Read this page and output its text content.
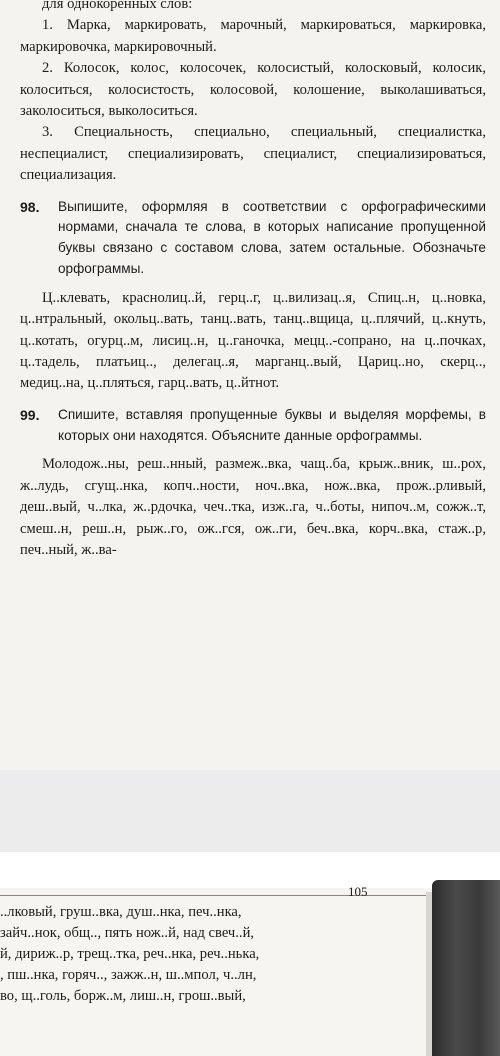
для однокоренных слов:

1. Марка, маркировать, марочный, маркироваться, маркировка, маркировочка, маркировочный.

2. Колосок, колос, колосочек, колосистый, колосковый, колосик, колоситься, колосистость, колосовой, колошение, выколашиваться, заколоситься, выколоситься.

3. Специальность, специально, специальный, специалистка, неспециалист, специализировать, специалист, специализироваться, специализация.

98.	Выпишите, оформляя в соответствии с орфографическими нормами, сначала те слова, в которых написание пропущенной буквы связано с составом слова, затем остальные. Обозначьте орфограммы.

Ц..клевать, краснолиц..й, герц..г, ц..вилизац..я, Спиц..н, ц..новка, ц..нтральный, окольц..вать, танц..вать, танц..вщица, ц..плячий, ц..кнуть, ц..котать, огурц..м, лисиц..н, ц..ганочка, мецц..-сопрано, на ц..почках, ц..тадель, платьиц.., делегац..я, марганц..вый, Цариц..но, скерц.., медиц..на, ц..пляться, гарц..вать, ц..йтнот.

99.	Спишите, вставляя пропущенные буквы и выделяя морфемы, в которых они находятся. Объясните данные орфограммы.

Молодож..ны, реш..нный, размеж..вка, чащ..ба, крыж..вник, ш..рох, ж..лудь, сгущ..нка, копч..ности, ноч..вка, нож..вка, прож..рливый, деш..вый, ч..лка, ж..рдочка, чеч..тка, изж..га, ч..боты, нипоч..м, сожж..т, смеш..н, реш..н, рыж..го, ож..гся, ож..ги, беч..вка, корч..вка, стаж..р, печ..ный, ж..ва-

105
..лковый, груш..вка, душ..нка, печ..нка,
зайч..нок, общ.., пять нож..й, над свеч..й,
й, дириж..р, трещ..тка, реч..нка, реч..нька,
, пш..нка, горяч.., зажж..н, ш..мпол, ч..лн,
во, щ..голь, борж..м, лиш..н, грош..вый,
